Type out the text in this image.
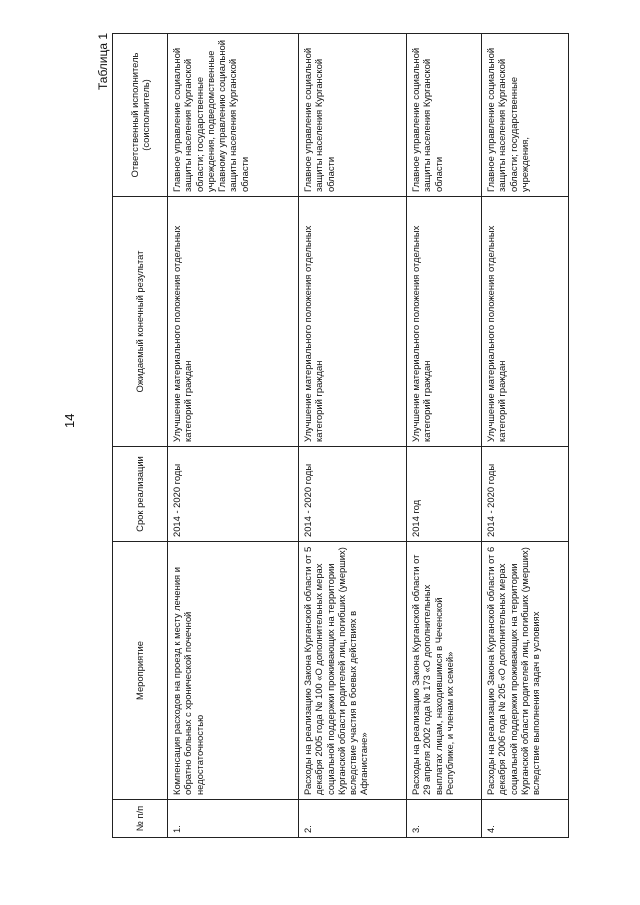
14
Таблица 1
№ п/п	Мероприятие	Срок реализации	Ожидаемый конечный результат	Ответственный исполнитель (соисполнитель)
1.	Компенсация расходов на проезд к месту лечения и обратно больных с хронической почечной недостаточностью	2014 - 2020 годы	Улучшение материального положения отдельных категорий граждан	Главное управление социальной защиты населения Курганской области; государственные учреждения, подведомственные Главному управлению социальной защиты населения Курганской области
2.	Расходы на реализацию Закона Курганской области от 5 декабря 2005 года № 100 «О дополнительных мерах социальной поддержки проживающих на территории Курганской области родителей лиц, погибших (умерших) вследствие участия в боевых действиях в Афганистане»	2014 - 2020 годы	Улучшение материального положения отдельных категорий граждан	Главное управление социальной защиты населения Курганской области
3.	Расходы на реализацию Закона Курганской области от 29 апреля 2002 года № 173 «О дополнительных выплатах лицам, находившимся в Чеченской Республике, и членам их семей»	2014 год	Улучшение материального положения отдельных категорий граждан	Главное управление социальной защиты населения Курганской области
4.	Расходы на реализацию Закона Курганской области от 6 декабря 2006 года № 205 «О дополнительных мерах социальной поддержки проживающих на территории Курганской области родителей лиц, погибших (умерших) вследствие выполнения задач в условиях	2014 - 2020 годы	Улучшение материального положения отдельных категорий граждан	Главное управление социальной защиты населения Курганской области; государственные учреждения,
